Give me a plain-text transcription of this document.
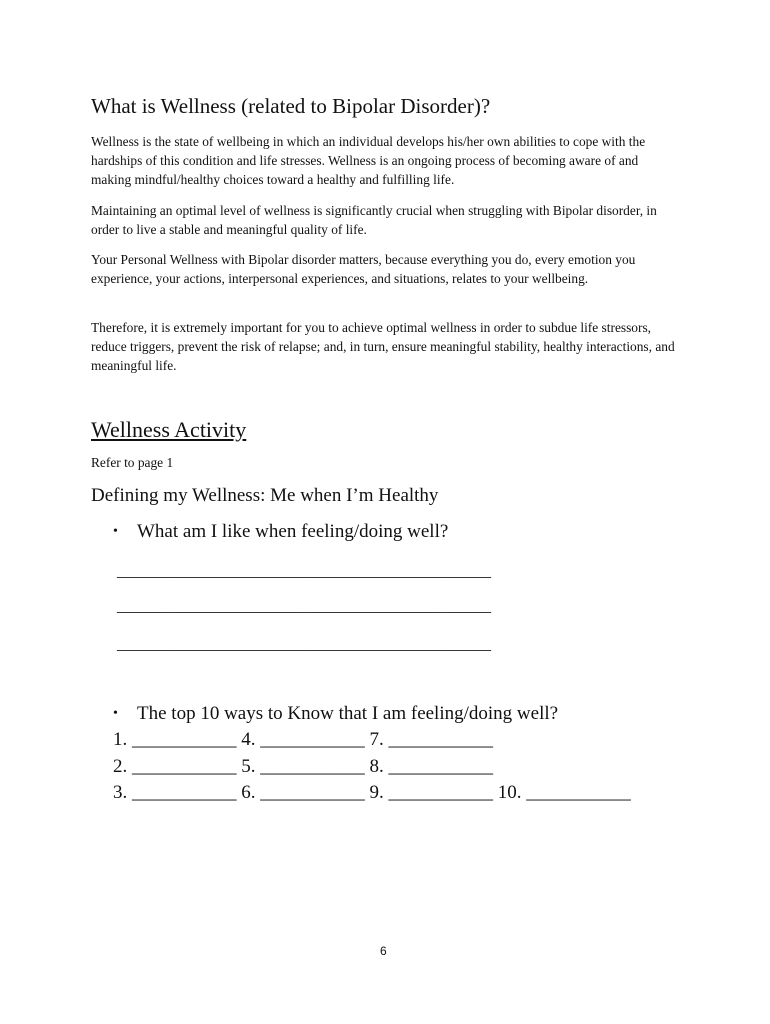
What is Wellness (related to Bipolar Disorder)?

Wellness is the state of wellbeing in which an individual develops his/her own abilities to cope with the hardships of this condition and life stresses. Wellness is an ongoing process of becoming aware of and making mindful/healthy choices toward a healthy and fulfilling life.

Maintaining an optimal level of wellness is significantly crucial when struggling with Bipolar disorder, in order to live a stable and meaningful quality of life.

Your Personal Wellness with Bipolar disorder matters, because everything you do, every emotion you experience, your actions, interpersonal experiences, and situations, relates to your wellbeing.

Therefore, it is extremely important for you to achieve optimal wellness in order to subdue life stressors, reduce triggers, prevent the risk of relapse; and, in turn, ensure meaningful stability, healthy interactions, and meaningful life.

Wellness Activity
Refer to page 1
Defining my Wellness: Me when I’m Healthy
• What am I like when feeling/doing well?
____________________________________________
____________________________________________
____________________________________________
• The top 10 ways to Know that I am feeling/doing well?
1. ___________ 4. ___________ 7. ___________
2. ___________ 5. ___________ 8. ___________
3. ___________ 6. ___________ 9. ___________ 10. ___________
6
